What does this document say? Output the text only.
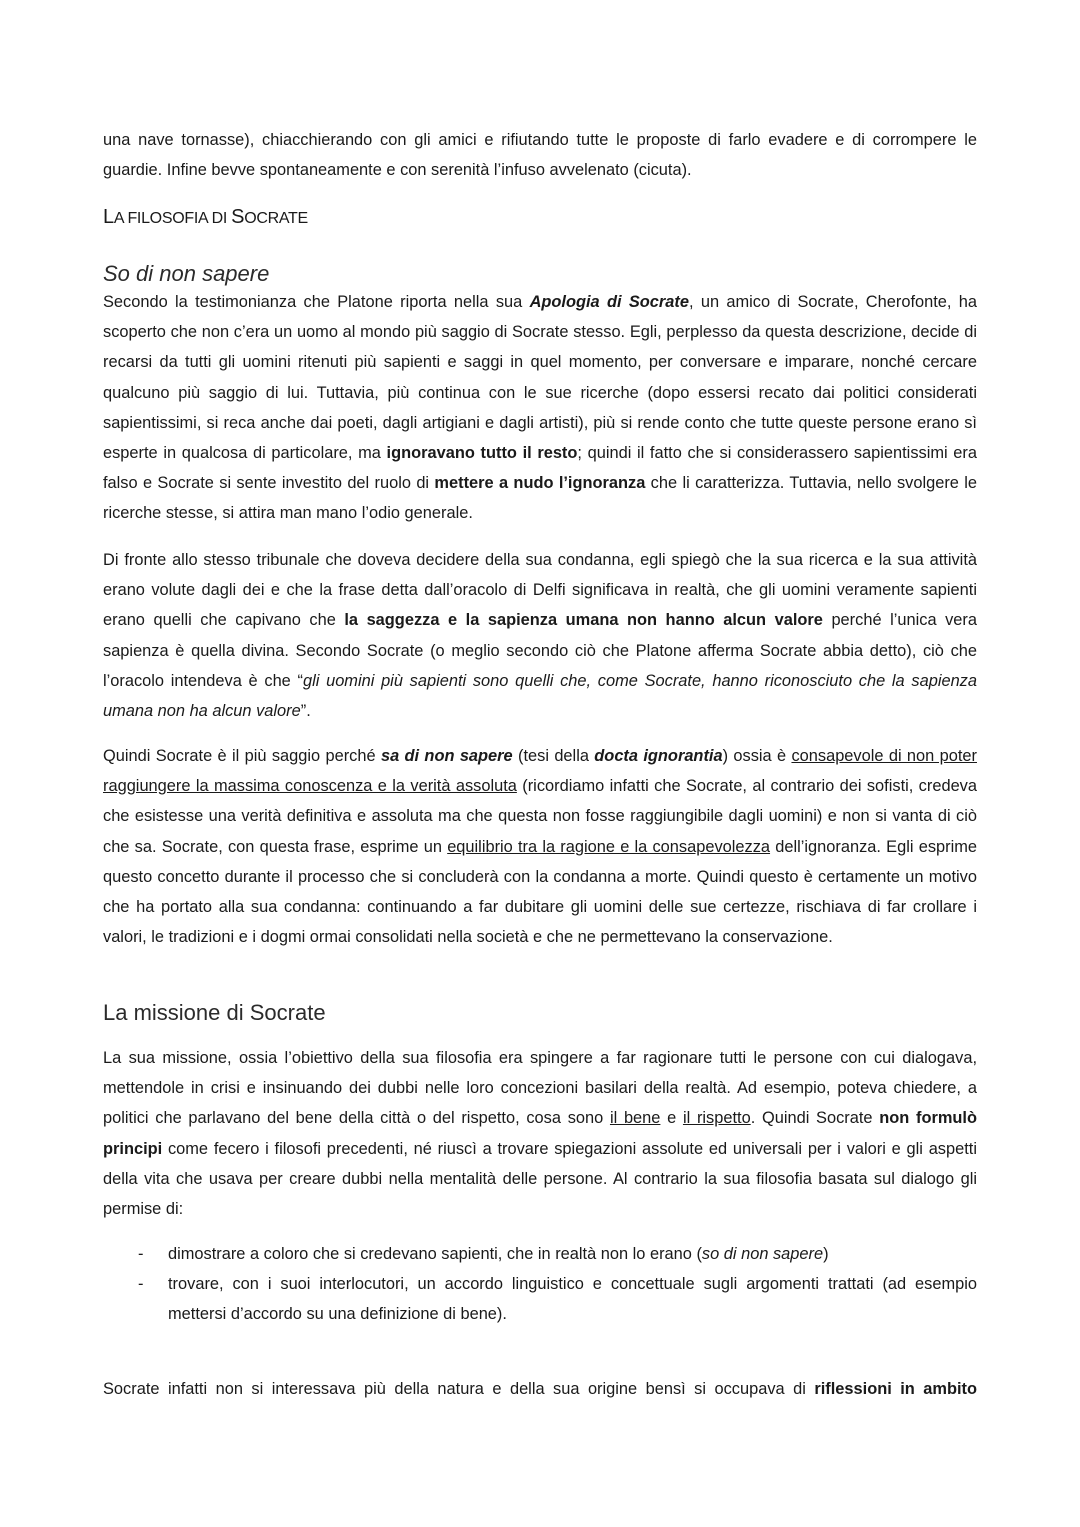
una nave tornasse), chiacchierando con gli amici e rifiutando tutte le proposte di farlo evadere e di corrompere le guardie. Infine bevve spontaneamente e con serenità l’infuso avvelenato (cicuta).

LA FILOSOFIA DI SOCRATE
So di non sapere

Secondo la testimonianza che Platone riporta nella sua Apologia di Socrate, un amico di Socrate, Cherofonte, ha scoperto che non c’era un uomo al mondo più saggio di Socrate stesso. Egli, perplesso da questa descrizione, decide di recarsi da tutti gli uomini ritenuti più sapienti e saggi in quel momento, per conversare e imparare, nonché cercare qualcuno più saggio di lui. Tuttavia, più continua con le sue ricerche (dopo essersi recato dai politici considerati sapientissimi, si reca anche dai poeti, dagli artigiani e dagli artisti), più si rende conto che tutte queste persone erano sì esperte in qualcosa di particolare, ma ignoravano tutto il resto; quindi il fatto che si considerassero sapientissimi era falso e Socrate si sente investito del ruolo di mettere a nudo l’ignoranza che li caratterizza. Tuttavia, nello svolgere le ricerche stesse, si attira man mano l’odio generale.

Di fronte allo stesso tribunale che doveva decidere della sua condanna, egli spiegò che la sua ricerca e la sua attività erano volute dagli dei e che la frase detta dall’oracolo di Delfi significava in realtà, che gli uomini veramente sapienti erano quelli che capivano che la saggezza e la sapienza umana non hanno alcun valore perché l’unica vera sapienza è quella divina. Secondo Socrate (o meglio secondo ciò che Platone afferma Socrate abbia detto), ciò che l’oracolo intendeva è che “gli uomini più sapienti sono quelli che, come Socrate, hanno riconosciuto che la sapienza umana non ha alcun valore”.

Quindi Socrate è il più saggio perché sa di non sapere (tesi della docta ignorantia) ossia è consapevole di non poter raggiungere la massima conoscenza e la verità assoluta (ricordiamo infatti che Socrate, al contrario dei sofisti, credeva che esistesse una verità definitiva e assoluta ma che questa non fosse raggiungibile dagli uomini) e non si vanta di ciò che sa. Socrate, con questa frase, esprime un equilibrio tra la ragione e la consapevolezza dell’ignoranza. Egli esprime questo concetto durante il processo che si concluderà con la condanna a morte. Quindi questo è certamente un motivo che ha portato alla sua condanna: continuando a far dubitare gli uomini delle sue certezze, rischiava di far crollare i valori, le tradizioni e i dogmi ormai consolidati nella società e che ne permettevano la conservazione.

La missione di Socrate

La sua missione, ossia l’obiettivo della sua filosofia era spingere a far ragionare tutti le persone con cui dialogava, mettendole in crisi e insinuando dei dubbi nelle loro concezioni basilari della realtà. Ad esempio, poteva chiedere, a politici che parlavano del bene della città o del rispetto, cosa sono il bene e il rispetto. Quindi Socrate non formulò principi come fecero i filosofi precedenti, né riuscì a trovare spiegazioni assolute ed universali per i valori e gli aspetti della vita che usava per creare dubbi nella mentalità delle persone. Al contrario la sua filosofia basata sul dialogo gli permise di:

- dimostrare a coloro che si credevano sapienti, che in realtà non lo erano (so di non sapere)
- trovare, con i suoi interlocutori, un accordo linguistico e concettuale sugli argomenti trattati (ad esempio mettersi d’accordo su una definizione di bene).

Socrate infatti non si interessava più della natura e della sua origine bensì si occupava di riflessioni in ambito
